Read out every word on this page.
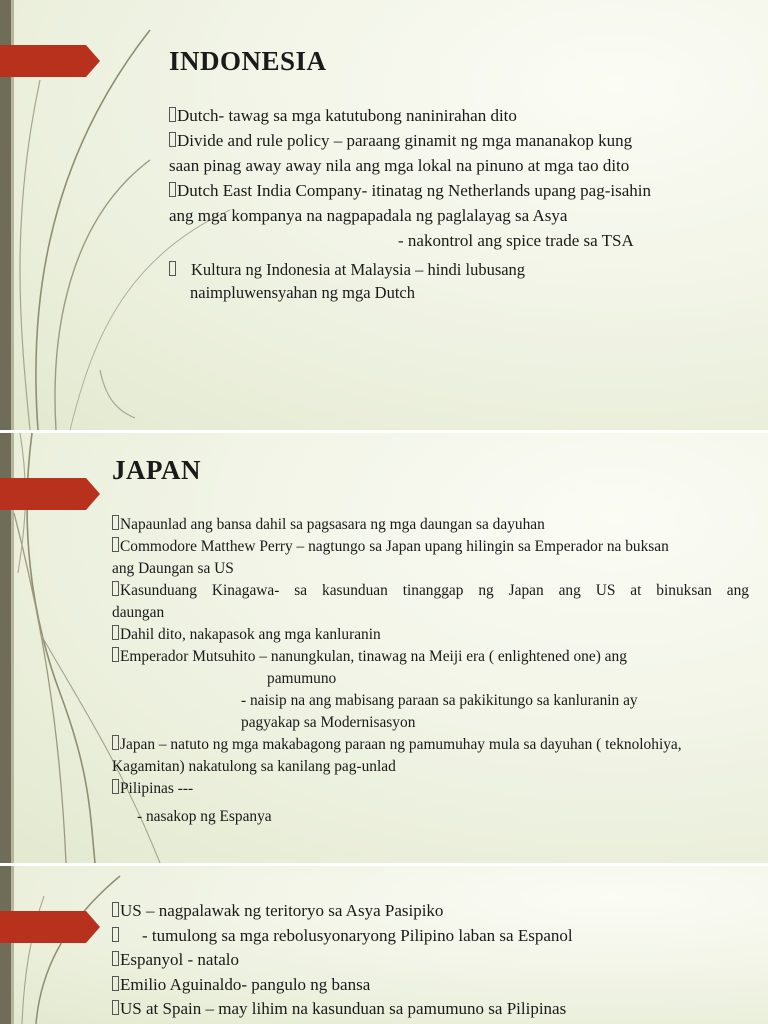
INDONESIA
Dutch- tawag sa mga katutubong naninirahan dito
Divide and rule policy – paraang ginamit ng mga mananakop kung
saan pinag away away nila ang mga lokal na pinuno at mga tao dito
Dutch East India Company- itinatag ng Netherlands upang pag-isahin
ang mga kompanya na nagpapadala ng paglalayag sa Asya
- nakontrol ang spice trade sa TSA
Kultura ng Indonesia at Malaysia – hindi lubusang
naimpluwensyahan ng mga Dutch
JAPAN
Napaunlad ang bansa dahil sa pagsasara ng mga daungan sa dayuhan
Commodore Matthew Perry – nagtungo sa Japan upang hilingin sa Emperador na buksan
ang Daungan sa US
Kasunduang Kinagawa- sa kasunduan tinanggap ng Japan ang US at binuksan ang
daungan
Dahil dito, nakapasok ang mga kanluranin
Emperador Mutsuhito – nanungkulan, tinawag na Meiji era ( enlightened one) ang
pamumuno
- naisip na ang mabisang paraan sa pakikitungo sa kanluranin ay
pagyakap sa Modernisasyon
Japan – natuto ng mga makabagong paraan ng pamumuhay mula sa dayuhan ( teknolohiya,
Kagamitan) nakatulong sa kanilang pag-unlad
Pilipinas ---
- nasakop ng Espanya
US – nagpalawak ng teritoryo sa Asya Pasipiko
- tumulong sa mga rebolusyonaryong Pilipino laban sa Espanol
Espanyol - natalo
Emilio Aguinaldo- pangulo ng bansa
US at Spain – may lihim na kasunduan sa pamumuno sa Pilipinas
